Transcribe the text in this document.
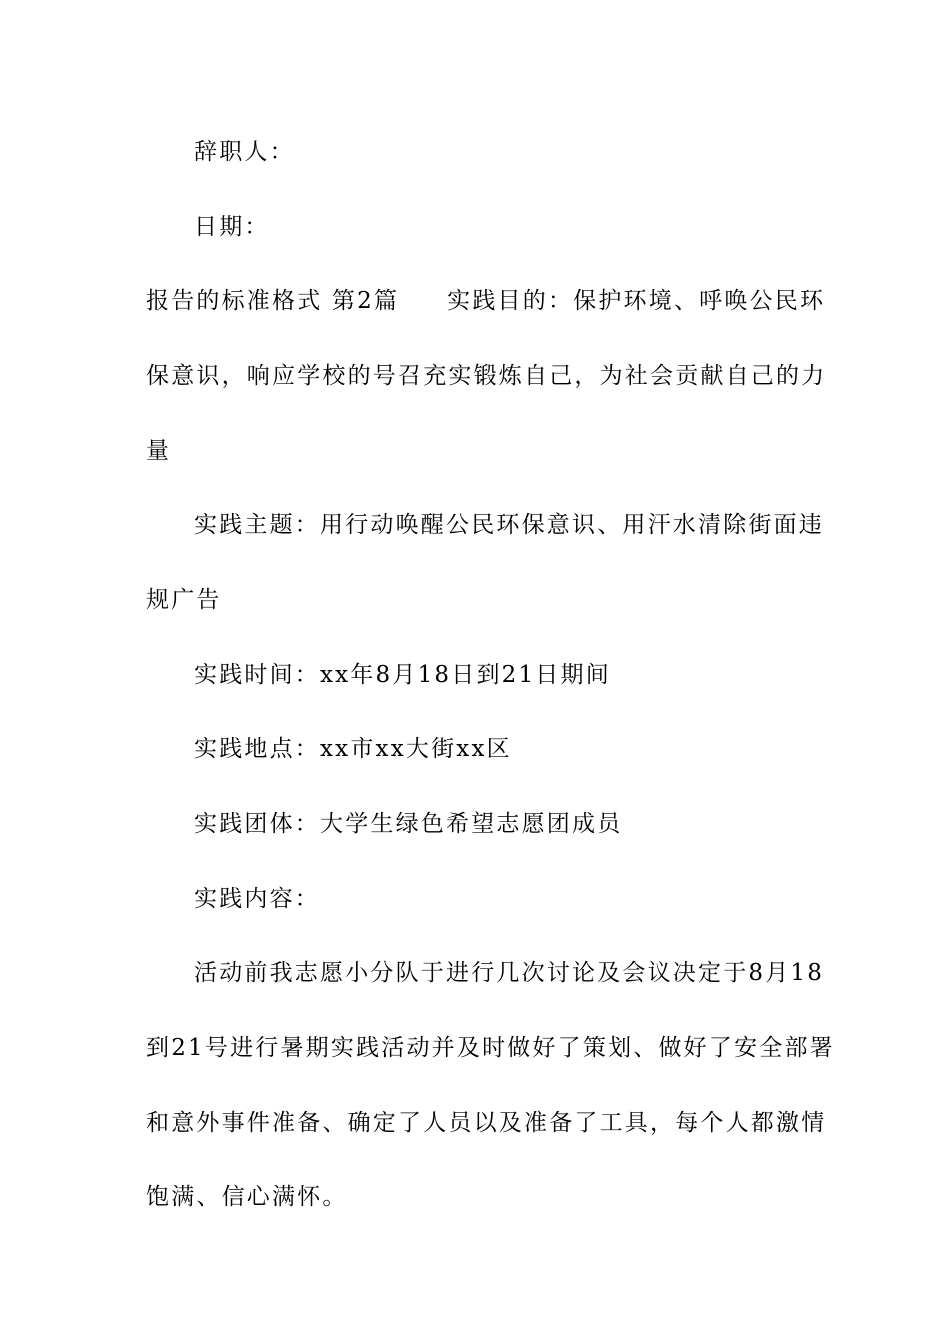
辞职人：
日期：
报告的标准格式 第2篇 实践目的：保护环境、呼唤公民环
保意识，响应学校的号召充实锻炼自己，为社会贡献自己的力
量
实践主题：用行动唤醒公民环保意识、用汗水清除街面违
规广告
实践时间：xx年8月18日到21日期间
实践地点：xx市xx大街xx区
实践团体：大学生绿色希望志愿团成员
实践内容：
活动前我志愿小分队于进行几次讨论及会议决定于8月18
到21号进行暑期实践活动并及时做好了策划、做好了安全部署
和意外事件准备、确定了人员以及准备了工具，每个人都激情
饱满、信心满怀。
